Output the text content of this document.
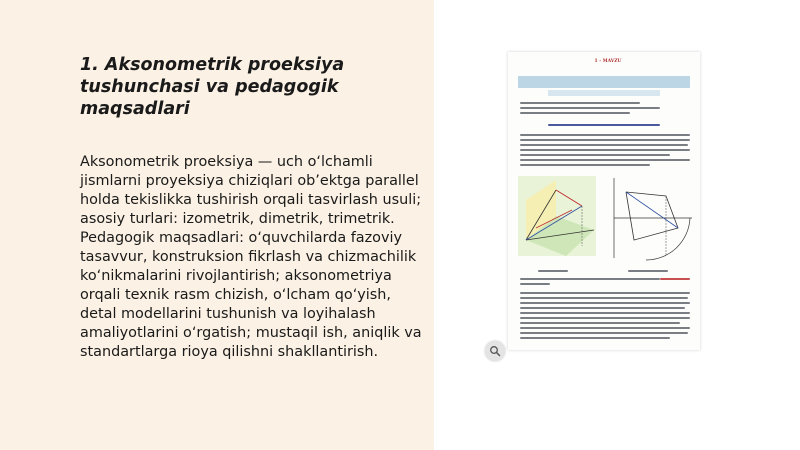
1. Aksonometrik proeksiya tushunchasi va pedagogik maqsadlari

Aksonometrik proeksiya — uch o‘lchamli jismlarni proyeksiya chiziqlari ob’ektga parallel holda tekislikka tushirish orqali tasvirlash usuli; asosiy turlari: izometrik, dimetrik, trimetrik. Pedagogik maqsadlari: o‘quvchilarda fazoviy tasavvur, konstruksion fikrlash va chizmachilik ko‘nikmalarini rivojlantirish; aksonometriya orqali texnik rasm chizish, o‘lcham qo‘yish, detal modellarini tushunish va loyihalash amaliyotlarini o‘rgatish; mustaqil ish, aniqlik va standartlarga rioya qilishni shakllantirish.

1 - MAVZU
